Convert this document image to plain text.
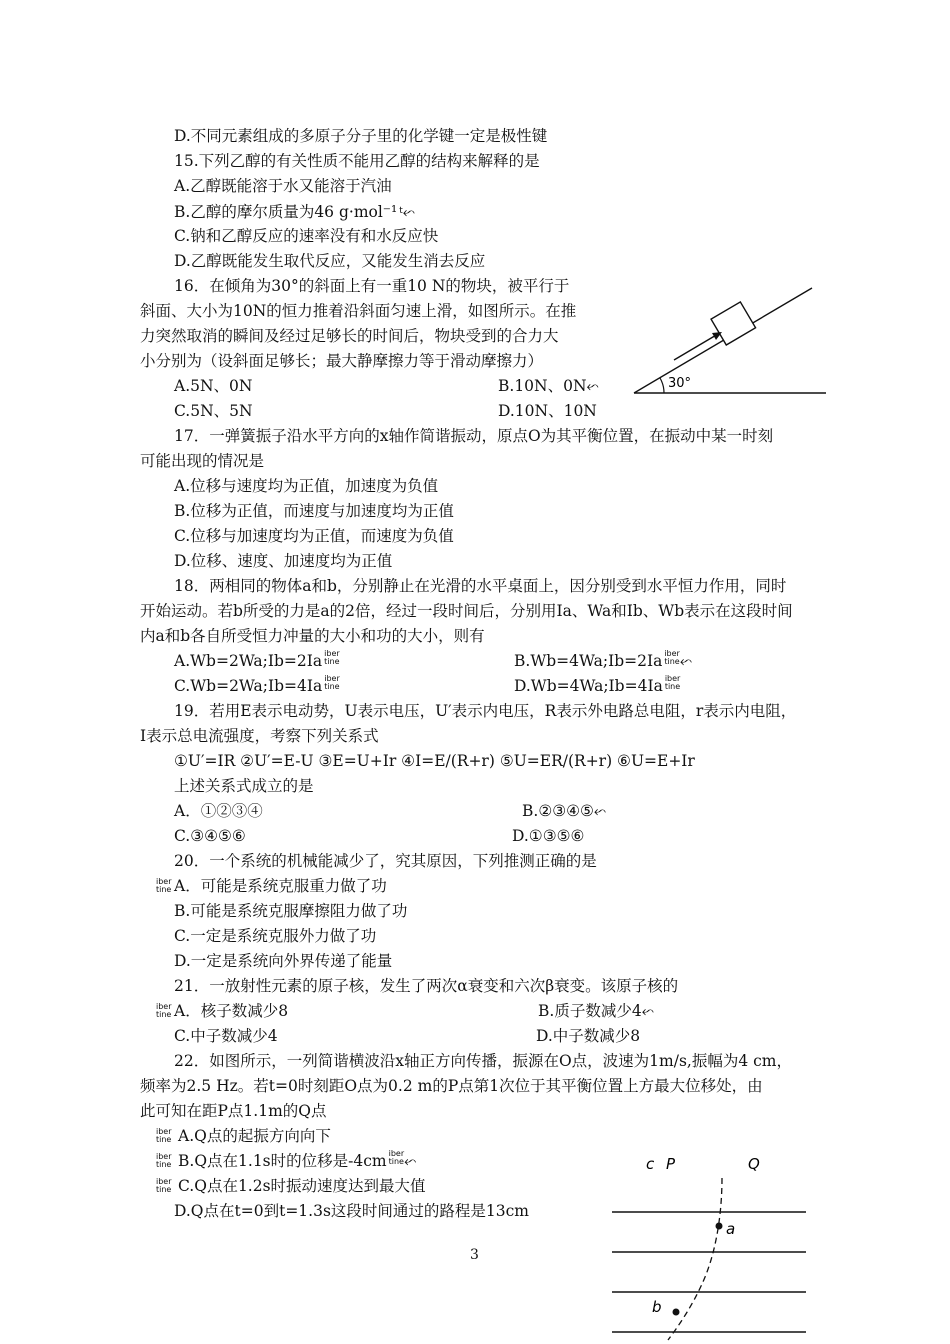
D.不同元素组成的多原子分子里的化学键一定是极性键
15.下列乙醇的有关性质不能用乙醇的结构来解释的是
A.乙醇既能溶于水又能溶于汽油
B.乙醇的摩尔质量为46 g·mol⁻¹ $^t$⬿
C.钠和乙醇反应的速率没有和水反应快
D.乙醇既能发生取代反应，又能发生消去反应
16．在倾角为30°的斜面上有一重10 N的物块，被平行于
斜面、大小为10N的恒力推着沿斜面匀速上滑，如图所示。在推
力突然取消的瞬间及经过足够长的时间后，物块受到的合力大
小分别为（设斜面足够长；最大静摩擦力等于滑动摩擦力）
A.5N、0N	B.10N、0N⬿
C.5N、5N	D.10N、10N
30°
17．一弹簧振子沿水平方向的x轴作简谐振动，原点O为其平衡位置，在振动中某一时刻
可能出现的情况是
A.位移与速度均为正值，加速度为负值
B.位移为正值，而速度与加速度均为正值
C.位移与加速度均为正值，而速度为负值
D.位移、速度、加速度均为正值
18．两相同的物体a和b，分别静止在光滑的水平桌面上，因分别受到水平恒力作用，同时
开始运动。若b所受的力是a的2倍，经过一段时间后，分别用Ia、Wa和Ib、Wb表示在这段时间
内a和b各自所受恒力冲量的大小和功的大小，则有
A.Wb=2Wa;Ib=2Ia iber
tine	B.Wb=4Wa;Ib=2Ia iber
tine⬿
C.Wb=2Wa;Ib=4Ia iber
tine	D.Wb=4Wa;Ib=4Ia iber
tine
19．若用E表示电动势，U表示电压，U′表示内电压，R表示外电路总电阻，r表示内电阻，
I表示总电流强度，考察下列关系式
①U′=IR ②U′=E-U ③E=U+Ir ④I=E/(R+r) ⑤U=ER/(R+r) ⑥U=E+Ir
上述关系式成立的是
A．①②③④	B.②③④⑤⬿
C.③④⑤⑥	D.①③⑤⑥
20．一个系统的机械能减少了，究其原因，下列推测正确的是
iber
tine A．可能是系统克服重力做了功
B.可能是系统克服摩擦阻力做了功
C.一定是系统克服外力做了功
D.一定是系统向外界传递了能量
21．一放射性元素的原子核，发生了两次α衰变和六次β衰变。该原子核的
iber
tine A．核子数减少8	B.质子数减少4⬿
C.中子数减少4	D.中子数减少8
22．如图所示，一列简谐横波沿x轴正方向传播，振源在O点，波速为1m/s,振幅为4 cm，
频率为2.5 Hz。若t=0时刻距O点为0.2 m的P点第1次位于其平衡位置上方最大位移处，由
此可知在距P点1.1m的Q点
iber
tine A.Q点的起振方向向下
iber
tine B.Q点在1.1s时的位移是-4cm iber
tine⬿
iber
tine C.Q点在1.2s时振动速度达到最大值
D.Q点在t=0到t=1.3s这段时间通过的路程是13cm
3
c P	Q
a
b
